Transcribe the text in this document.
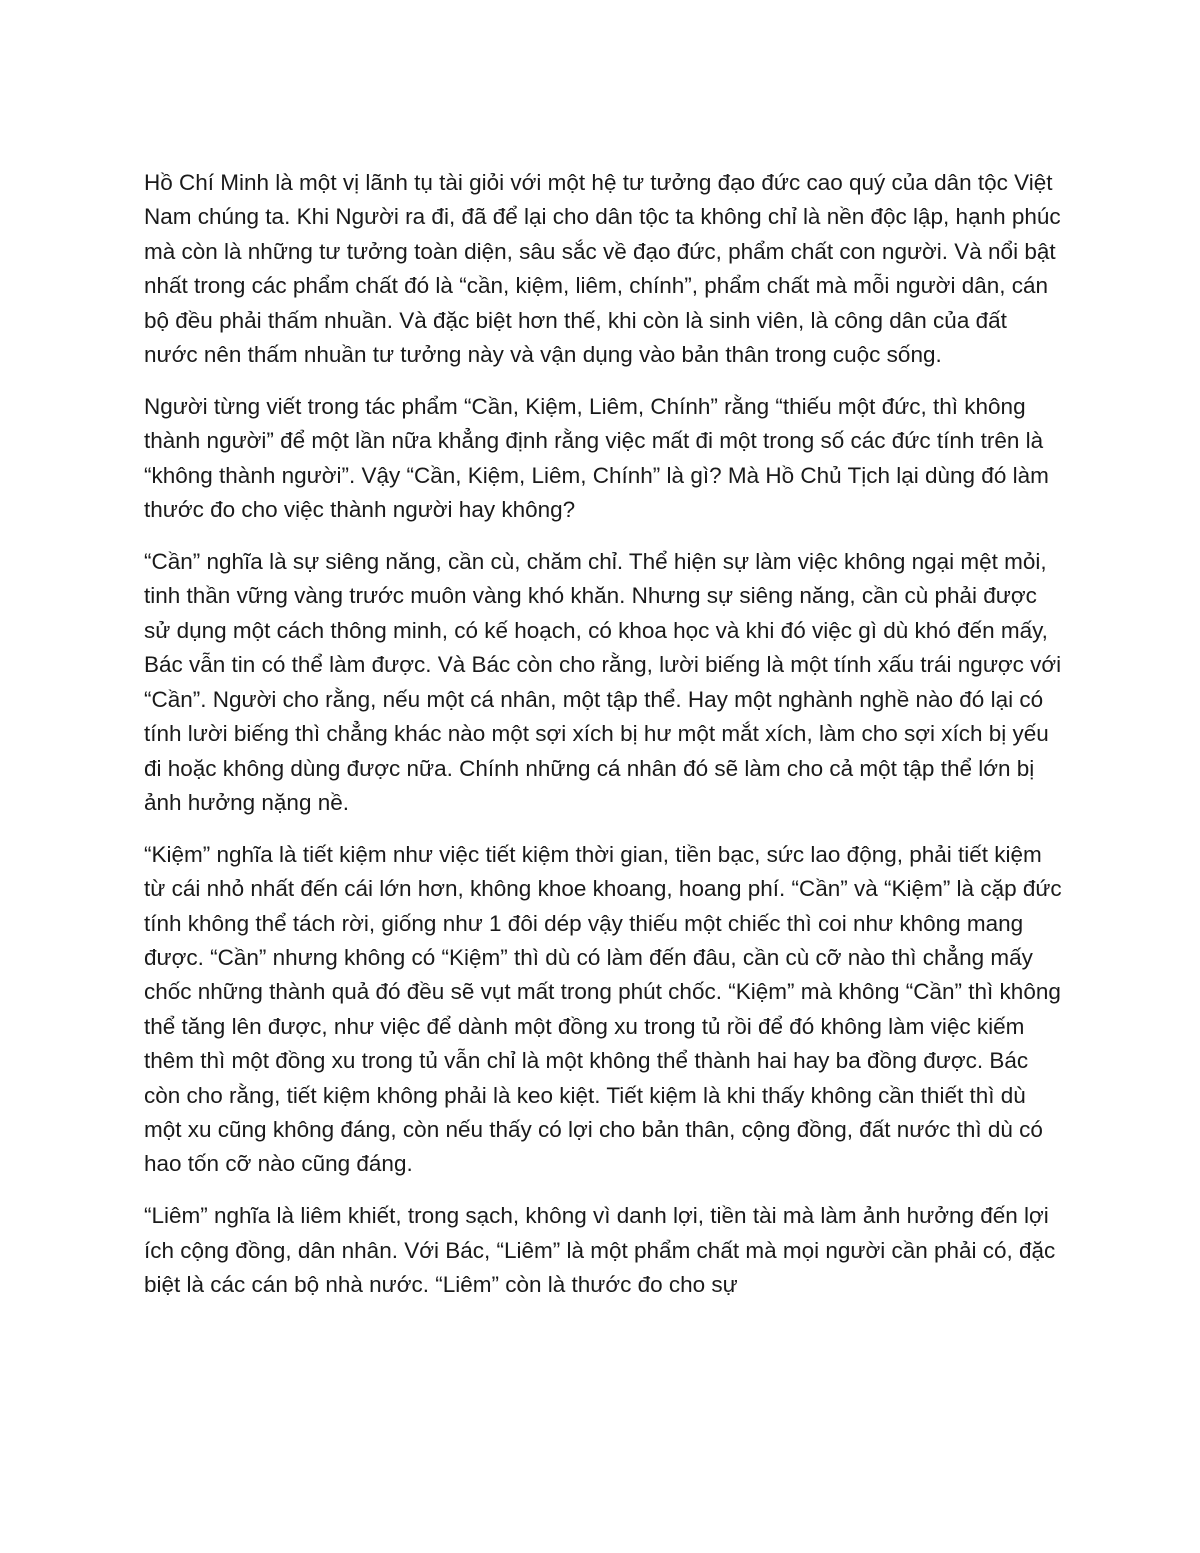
Hồ Chí Minh là một vị lãnh tụ tài giỏi với một hệ tư tưởng đạo đức cao quý của dân tộc Việt Nam chúng ta. Khi Người ra đi, đã để lại cho dân tộc ta không chỉ là nền độc lập, hạnh phúc mà còn là những tư tưởng toàn diện, sâu sắc về đạo đức, phẩm chất con người. Và nổi bật nhất trong các phẩm chất đó là “cần, kiệm, liêm, chính”, phẩm chất mà mỗi người dân, cán bộ đều phải thấm nhuần. Và đặc biệt hơn thế, khi còn là sinh viên, là công dân của đất nước nên thấm nhuần tư tưởng này và vận dụng vào bản thân trong cuộc sống.

Người từng viết trong tác phẩm “Cần, Kiệm, Liêm, Chính” rằng “thiếu một đức, thì không thành người” để một lần nữa khẳng định rằng việc mất đi một trong số các đức tính trên là “không thành người”. Vậy “Cần, Kiệm, Liêm, Chính” là gì? Mà Hồ Chủ Tịch lại dùng đó làm thước đo cho việc thành người hay không?

“Cần” nghĩa là sự siêng năng, cần cù, chăm chỉ. Thể hiện sự làm việc không ngại mệt mỏi, tinh thần vững vàng trước muôn vàng khó khăn. Nhưng sự siêng năng, cần cù phải được sử dụng một cách thông minh, có kế hoạch, có khoa học và khi đó việc gì dù khó đến mấy, Bác vẫn tin có thể làm được. Và Bác còn cho rằng, lười biếng là một tính xấu trái ngược với “Cần”. Người cho rằng, nếu một cá nhân, một tập thể. Hay một nghành nghề nào đó lại có tính lười biếng thì chẳng khác nào một sợi xích bị hư một mắt xích, làm cho sợi xích bị yếu đi hoặc không dùng được nữa. Chính những cá nhân đó sẽ làm cho cả một tập thể lớn bị ảnh hưởng nặng nề.

“Kiệm” nghĩa là tiết kiệm như việc tiết kiệm thời gian, tiền bạc, sức lao động, phải tiết kiệm từ cái nhỏ nhất đến cái lớn hơn, không khoe khoang, hoang phí. “Cần” và “Kiệm” là cặp đức tính không thể tách rời, giống như 1 đôi dép vậy thiếu một chiếc thì coi như không mang được. “Cần” nhưng không có “Kiệm” thì dù có làm đến đâu, cần cù cỡ nào thì chẳng mấy chốc những thành quả đó đều sẽ vụt mất trong phút chốc. “Kiệm” mà không “Cần” thì không thể tăng lên được, như việc để dành một đồng xu trong tủ rồi để đó không làm việc kiếm thêm thì một đồng xu trong tủ vẫn chỉ là một không thể thành hai hay ba đồng được. Bác còn cho rằng, tiết kiệm không phải là keo kiệt. Tiết kiệm là khi thấy không cần thiết thì dù một xu cũng không đáng, còn nếu thấy có lợi cho bản thân, cộng đồng, đất nước thì dù có hao tốn cỡ nào cũng đáng.

“Liêm” nghĩa là liêm khiết, trong sạch, không vì danh lợi, tiền tài mà làm ảnh hưởng đến lợi ích cộng đồng, dân nhân. Với Bác, “Liêm” là một phẩm chất mà mọi người cần phải có, đặc biệt là các cán bộ nhà nước. “Liêm” còn là thước đo cho sự
